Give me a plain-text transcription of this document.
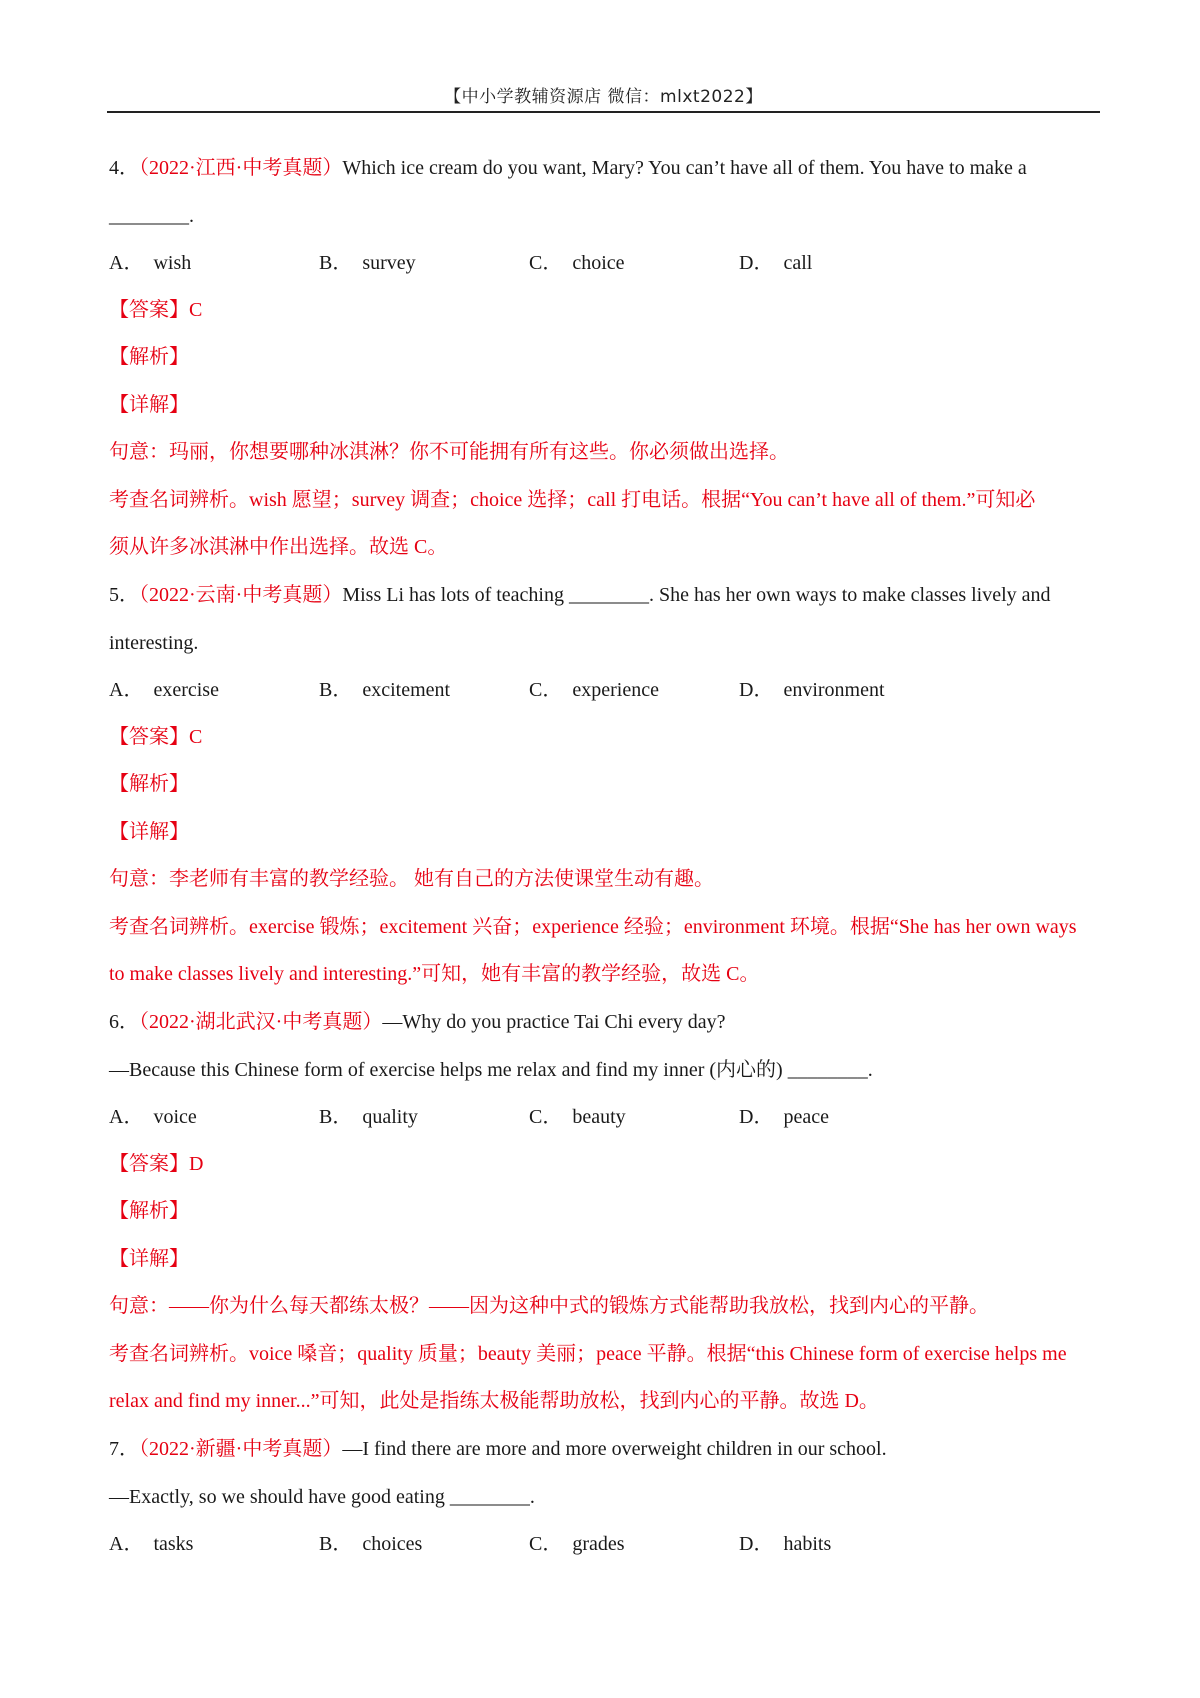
【中小学教辅资源店 微信：mlxt2022】
4．（2022·江西·中考真题）Which ice cream do you want, Mary? You can’t have all of them. You have to make a
________.
A． wish	B． survey	C． choice	D． call
【答案】C
【解析】
【详解】
句意：玛丽，你想要哪种冰淇淋？你不可能拥有所有这些。你必须做出选择。
考查名词辨析。wish 愿望；survey 调查；choice 选择；call 打电话。根据“You can’t have all of them.”可知必
须从许多冰淇淋中作出选择。故选 C。
5．（2022·云南·中考真题）Miss Li has lots of teaching ________. She has her own ways to make classes lively and
interesting.
A． exercise	B． excitement	C． experience	D． environment
【答案】C
【解析】
【详解】
句意：李老师有丰富的教学经验。 她有自己的方法使课堂生动有趣。
考查名词辨析。exercise 锻炼；excitement 兴奋；experience 经验；environment 环境。根据“She has her own ways
to make classes lively and interesting.”可知，她有丰富的教学经验，故选 C。
6．（2022·湖北武汉·中考真题）—Why do you practice Tai Chi every day?
—Because this Chinese form of exercise helps me relax and find my inner (内心的) ________.
A． voice	B． quality	C． beauty	D． peace
【答案】D
【解析】
【详解】
句意：——你为什么每天都练太极？——因为这种中式的锻炼方式能帮助我放松，找到内心的平静。
考查名词辨析。voice 嗓音；quality 质量；beauty 美丽；peace 平静。根据“this Chinese form of exercise helps me
relax and find my inner...”可知，此处是指练太极能帮助放松，找到内心的平静。故选 D。
7．（2022·新疆·中考真题）—I find there are more and more overweight children in our school.
—Exactly, so we should have good eating ________.
A． tasks	B． choices	C． grades	D． habits
